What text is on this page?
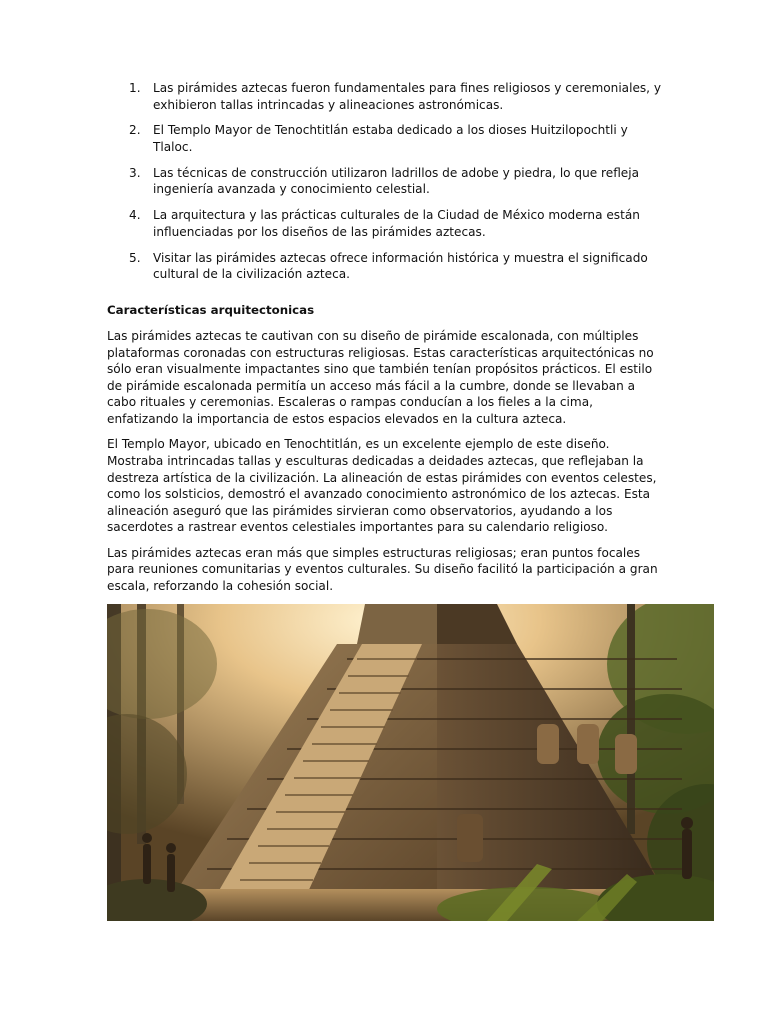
1. Las pirámides aztecas fueron fundamentales para fines religiosos y ceremoniales, y exhibieron tallas intrincadas y alineaciones astronómicas.
2. El Templo Mayor de Tenochtitlán estaba dedicado a los dioses Huitzilopochtli y Tlaloc.
3. Las técnicas de construcción utilizaron ladrillos de adobe y piedra, lo que refleja ingeniería avanzada y conocimiento celestial.
4. La arquitectura y las prácticas culturales de la Ciudad de México moderna están influenciadas por los diseños de las pirámides aztecas.
5. Visitar las pirámides aztecas ofrece información histórica y muestra el significado cultural de la civilización azteca.

Características arquitectonicas

Las pirámides aztecas te cautivan con su diseño de pirámide escalonada, con múltiples plataformas coronadas con estructuras religiosas. Estas características arquitectónicas no sólo eran visualmente impactantes sino que también tenían propósitos prácticos. El estilo de pirámide escalonada permitía un acceso más fácil a la cumbre, donde se llevaban a cabo rituales y ceremonias. Escaleras o rampas conducían a los fieles a la cima, enfatizando la importancia de estos espacios elevados en la cultura azteca.

El Templo Mayor, ubicado en Tenochtitlán, es un excelente ejemplo de este diseño. Mostraba intrincadas tallas y esculturas dedicadas a deidades aztecas, que reflejaban la destreza artística de la civilización. La alineación de estas pirámides con eventos celestes, como los solsticios, demostró el avanzado conocimiento astronómico de los aztecas. Esta alineación aseguró que las pirámides sirvieran como observatorios, ayudando a los sacerdotes a rastrear eventos celestiales importantes para su calendario religioso.

Las pirámides aztecas eran más que simples estructuras religiosas; eran puntos focales para reuniones comunitarias y eventos culturales. Su diseño facilitó la participación a gran escala, reforzando la cohesión social.
